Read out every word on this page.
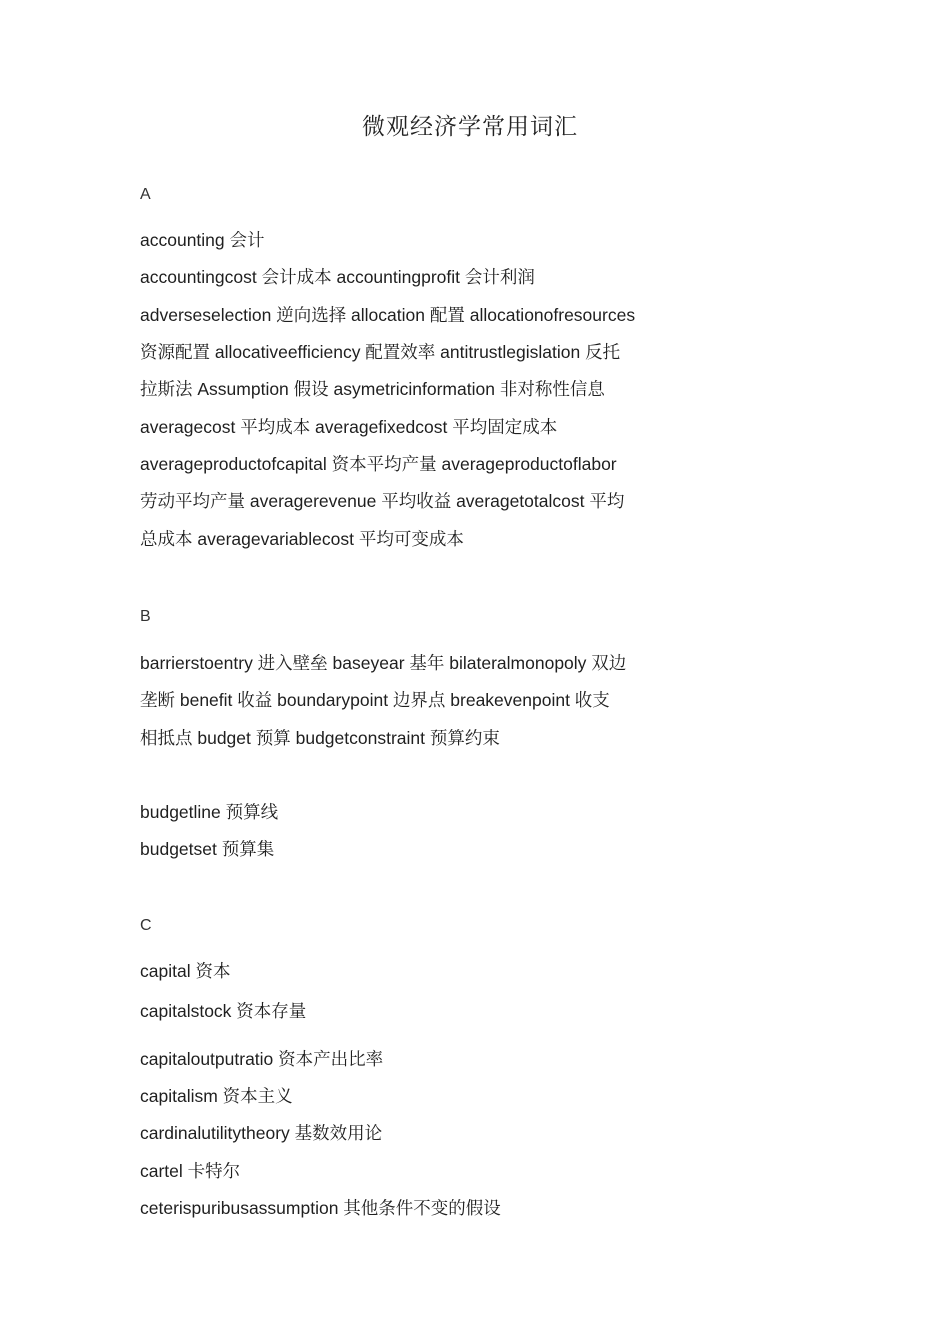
微观经济学常用词汇
A
accounting 会计
accountingcost 会计成本 accountingprofit 会计利润
adverseselection 逆向选择 allocation 配置 allocationofresources
资源配置 allocativeefficiency 配置效率 antitrustlegislation 反托
拉斯法 Assumption 假设 asymetricinformation 非对称性信息
averagecost 平均成本 averagefixedcost 平均固定成本
averageproductofcapital 资本平均产量 averageproductoflabor
劳动平均产量 averagerevenue 平均收益 averagetotalcost 平均
总成本 averagevariablecost 平均可变成本
B
barrierstoentry 进入壁垒 baseyear 基年 bilateralmonopoly 双边
垄断 benefit 收益 boundarypoint 边界点 breakevenpoint 收支
相抵点 budget 预算 budgetconstraint 预算约束
budgetline 预算线
budgetset 预算集
C
capital 资本
capitalstock 资本存量
capitaloutputratio 资本产出比率
capitalism 资本主义
cardinalutilitytheory 基数效用论
cartel 卡特尔
ceterispuribusassumption 其他条件不变的假设
